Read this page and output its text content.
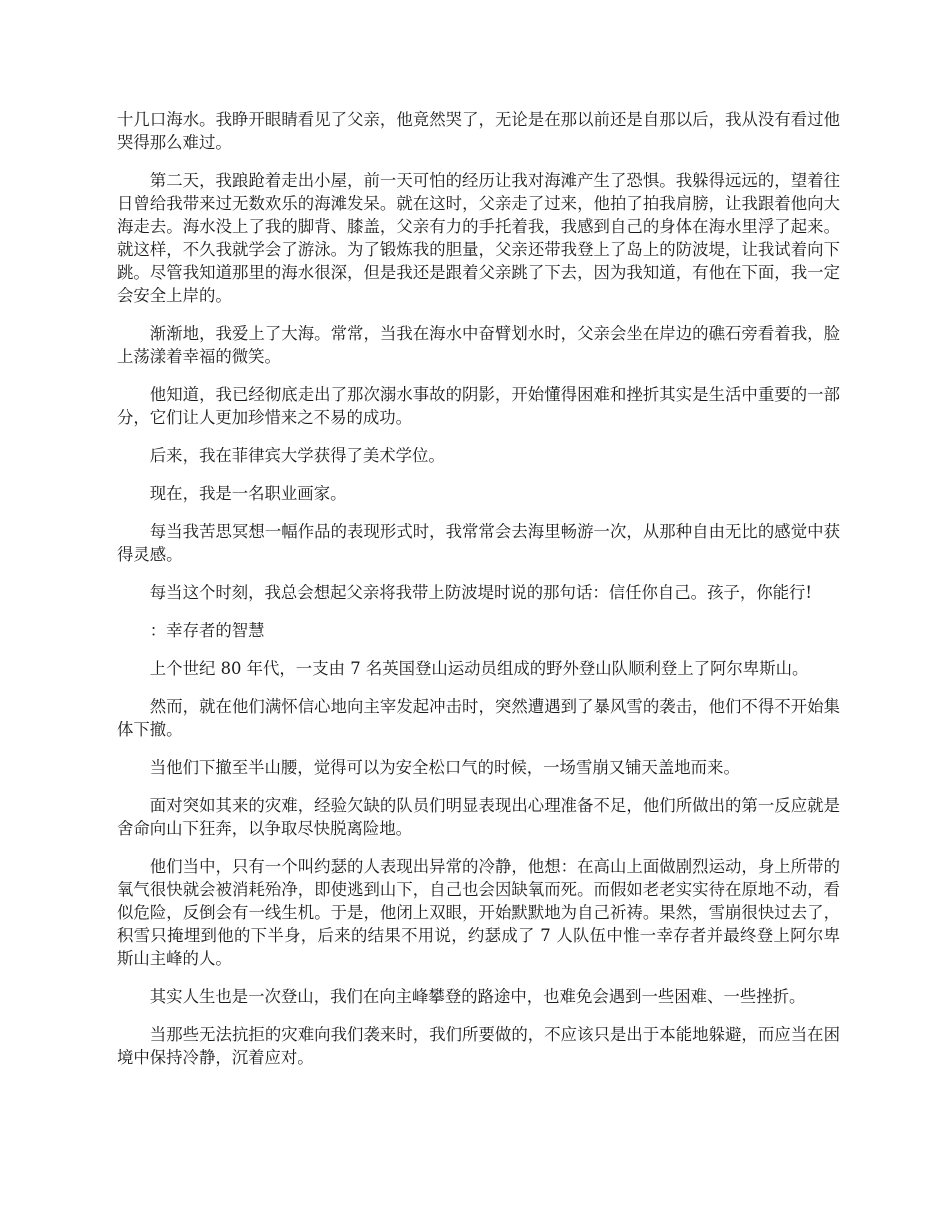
十几口海水。我睁开眼睛看见了父亲，他竟然哭了，无论是在那以前还是自那以后，我从没有看过他哭得那么难过。

第二天，我踉跄着走出小屋，前一天可怕的经历让我对海滩产生了恐惧。我躲得远远的，望着往日曾给我带来过无数欢乐的海滩发呆。就在这时，父亲走了过来，他拍了拍我肩膀，让我跟着他向大海走去。海水没上了我的脚背、膝盖，父亲有力的手托着我，我感到自己的身体在海水里浮了起来。就这样，不久我就学会了游泳。为了锻炼我的胆量，父亲还带我登上了岛上的防波堤，让我试着向下跳。尽管我知道那里的海水很深，但是我还是跟着父亲跳了下去，因为我知道，有他在下面，我一定会安全上岸的。

渐渐地，我爱上了大海。常常，当我在海水中奋臂划水时，父亲会坐在岸边的礁石旁看着我，脸上荡漾着幸福的微笑。

他知道，我已经彻底走出了那次溺水事故的阴影，开始懂得困难和挫折其实是生活中重要的一部分，它们让人更加珍惜来之不易的成功。

后来，我在菲律宾大学获得了美术学位。

现在，我是一名职业画家。

每当我苦思冥想一幅作品的表现形式时，我常常会去海里畅游一次，从那种自由无比的感觉中获得灵感。

每当这个时刻，我总会想起父亲将我带上防波堤时说的那句话：信任你自己。孩子，你能行!

：幸存者的智慧

上个世纪 80 年代，一支由 7 名英国登山运动员组成的野外登山队顺利登上了阿尔卑斯山。

然而，就在他们满怀信心地向主宰发起冲击时，突然遭遇到了暴风雪的袭击，他们不得不开始集体下撤。

当他们下撤至半山腰，觉得可以为安全松口气的时候，一场雪崩又铺天盖地而来。

面对突如其来的灾难，经验欠缺的队员们明显表现出心理准备不足，他们所做出的第一反应就是舍命向山下狂奔，以争取尽快脱离险地。

他们当中，只有一个叫约瑟的人表现出异常的冷静，他想：在高山上面做剧烈运动，身上所带的氧气很快就会被消耗殆净，即使逃到山下，自己也会因缺氧而死。而假如老老实实待在原地不动，看似危险，反倒会有一线生机。于是，他闭上双眼，开始默默地为自己祈祷。果然，雪崩很快过去了，积雪只掩埋到他的下半身，后来的结果不用说，约瑟成了 7 人队伍中惟一幸存者并最终登上阿尔卑斯山主峰的人。

其实人生也是一次登山，我们在向主峰攀登的路途中，也难免会遇到一些困难、一些挫折。

当那些无法抗拒的灾难向我们袭来时，我们所要做的，不应该只是出于本能地躲避，而应当在困境中保持冷静，沉着应对。
